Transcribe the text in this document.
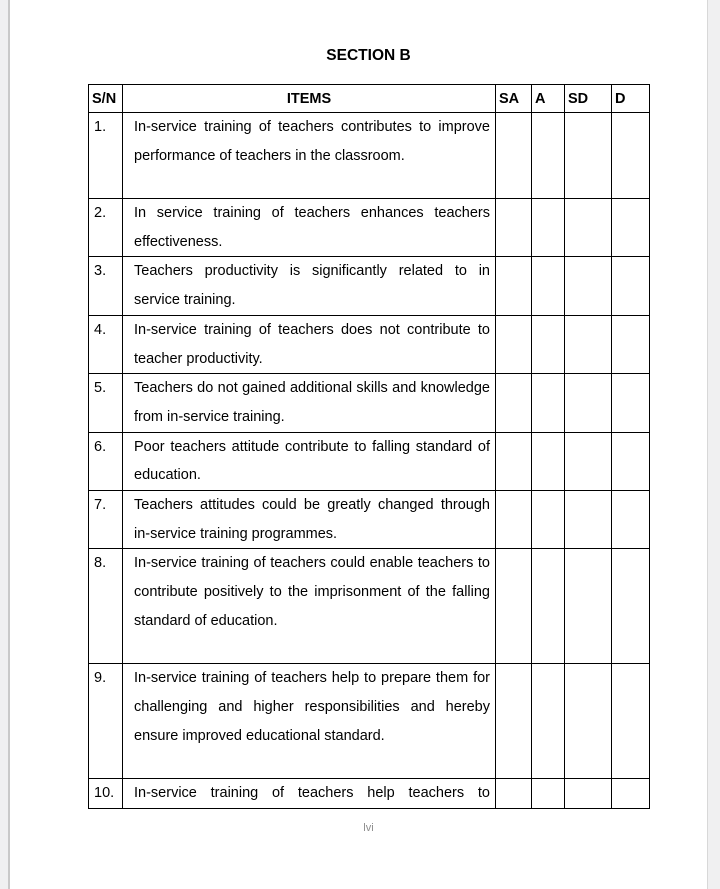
SECTION B
S/N	ITEMS	SA	A	SD	D
1.	In-service training of teachers contributes to improve performance of teachers in the classroom.				
2.	In service training of teachers enhances teachers effectiveness.				
3.	Teachers productivity is significantly related to in service training.				
4.	In-service training of teachers does not contribute to teacher productivity.				
5.	Teachers do not gained additional skills and knowledge from in-service training.				
6.	Poor teachers attitude contribute to falling standard of education.				
7.	Teachers attitudes could be greatly changed through in-service training programmes.				
8.	In-service training of teachers could enable teachers to contribute positively to the imprisonment of the falling standard of education.				
9.	In-service training of teachers help to prepare them for challenging and higher responsibilities and hereby ensure improved educational standard.				
10.	In-service training of teachers help teachers to				
lvi
